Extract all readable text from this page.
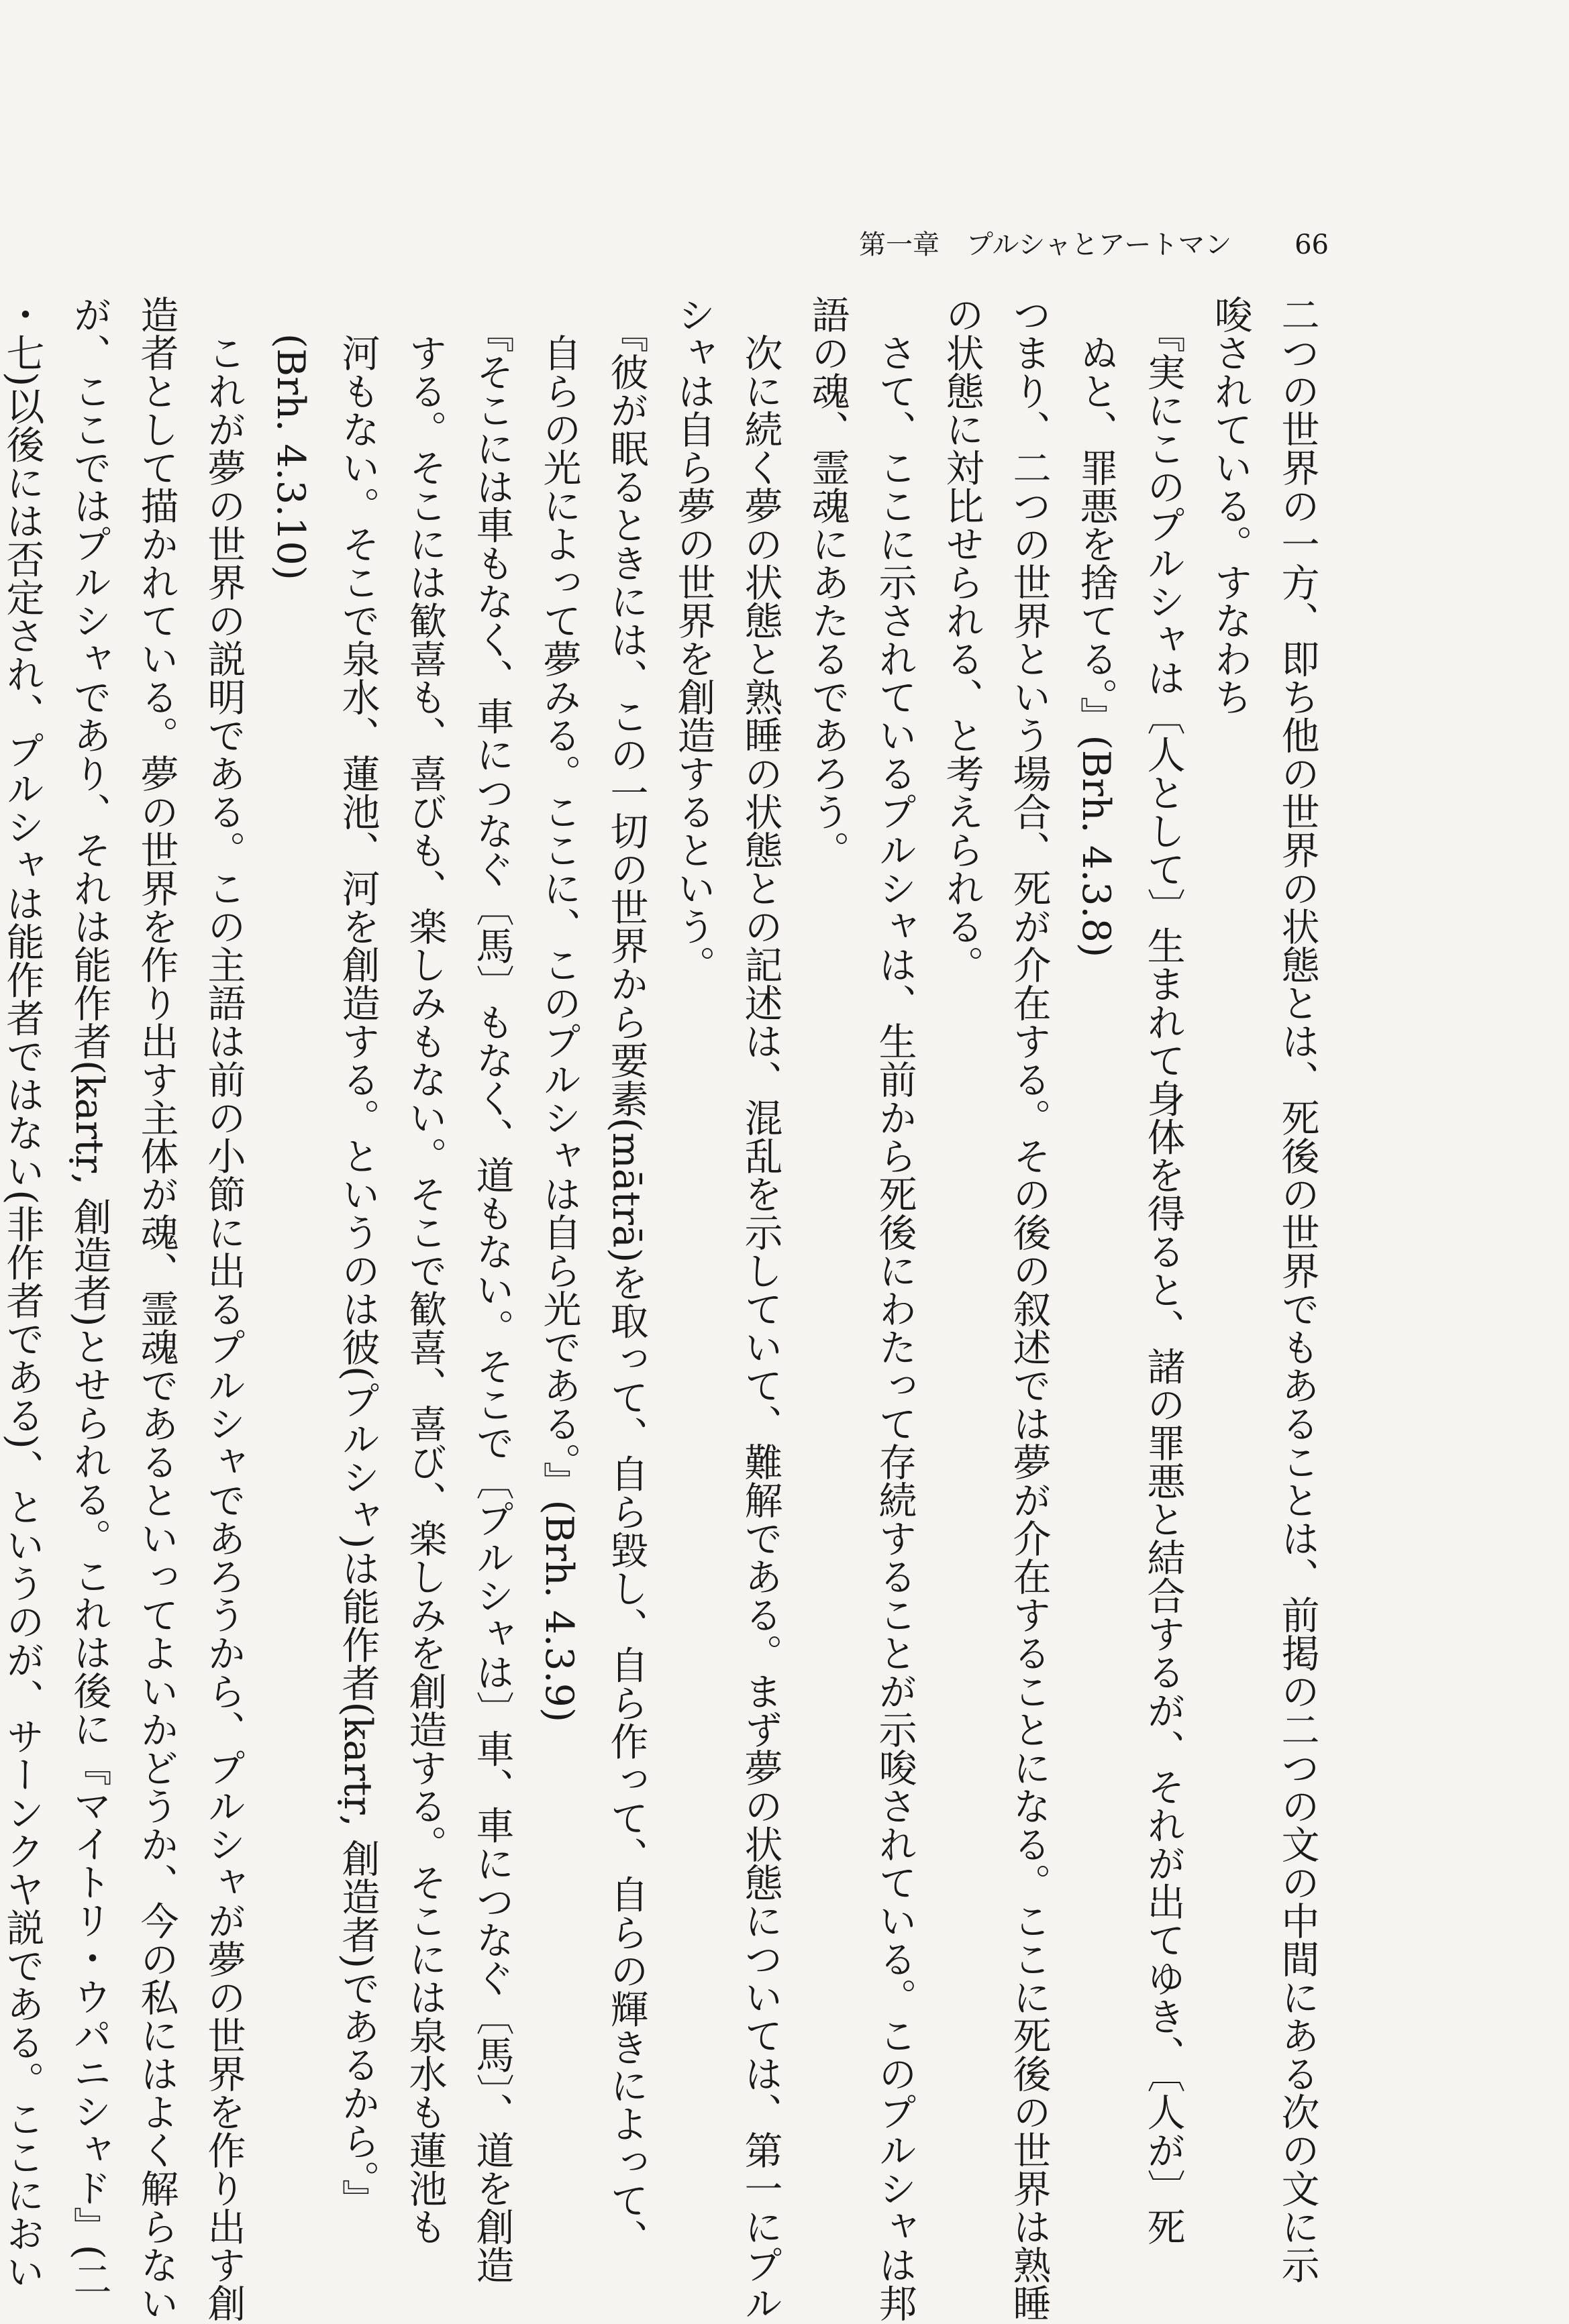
第一章　プルシャとアートマン 66

二つの世界の一方、即ち他の世界の状態とは、死後の世界でもあることは、前掲の二つの文の中間にある次の文に示

唆されている。すなわち

　『実にこのプルシャは〔人として〕生まれて身体を得ると、諸の罪悪と結合するが、それが出てゆき、〔人が〕死

　ぬと、罪悪を捨てる。』(Brh. 4.3.8)

つまり、二つの世界という場合、死が介在する。その後の叙述では夢が介在することになる。ここに死後の世界は熟睡

の状態に対比せられる、と考えられる。

　さて、ここに示されているプルシャは、生前から死後にわたって存続することが示唆されている。このプルシャは邦

語の魂、霊魂にあたるであろう。

　次に続く夢の状態と熟睡の状態との記述は、混乱を示していて、難解である。まず夢の状態については、第一にプル

シャは自ら夢の世界を創造するという。

　『彼が眠るときには、この一切の世界から要素(mātrā)を取って、自ら毀し、自ら作って、自らの輝きによって、

　自らの光によって夢みる。ここに、このプルシャは自ら光である。』(Brh. 4.3.9)

　『そこには車もなく、車につなぐ〔馬〕もなく、道もない。そこで〔プルシャは〕車、車につなぐ〔馬〕、道を創造

　する。そこには歓喜も、喜びも、楽しみもない。そこで歓喜、喜び、楽しみを創造する。そこには泉水も蓮池も

　河もない。そこで泉水、蓮池、河を創造する。というのは彼(プルシャ)は能作者(kartṛ, 創造者)であるから。』

　(Brh. 4.3.10)

　これが夢の世界の説明である。この主語は前の小節に出るプルシャであろうから、プルシャが夢の世界を作り出す創

造者として描かれている。夢の世界を作り出す主体が魂、霊魂であるといってよいかどうか、今の私にはよく解らない

が、ここではプルシャであり、それは能作者(kartṛ, 創造者)とせられる。これは後に『マイトリ・ウパニシャド』(二

・七)以後には否定され、プルシャは能作者ではない(非作者である)、というのが、サーンクヤ説である。ここにおい
